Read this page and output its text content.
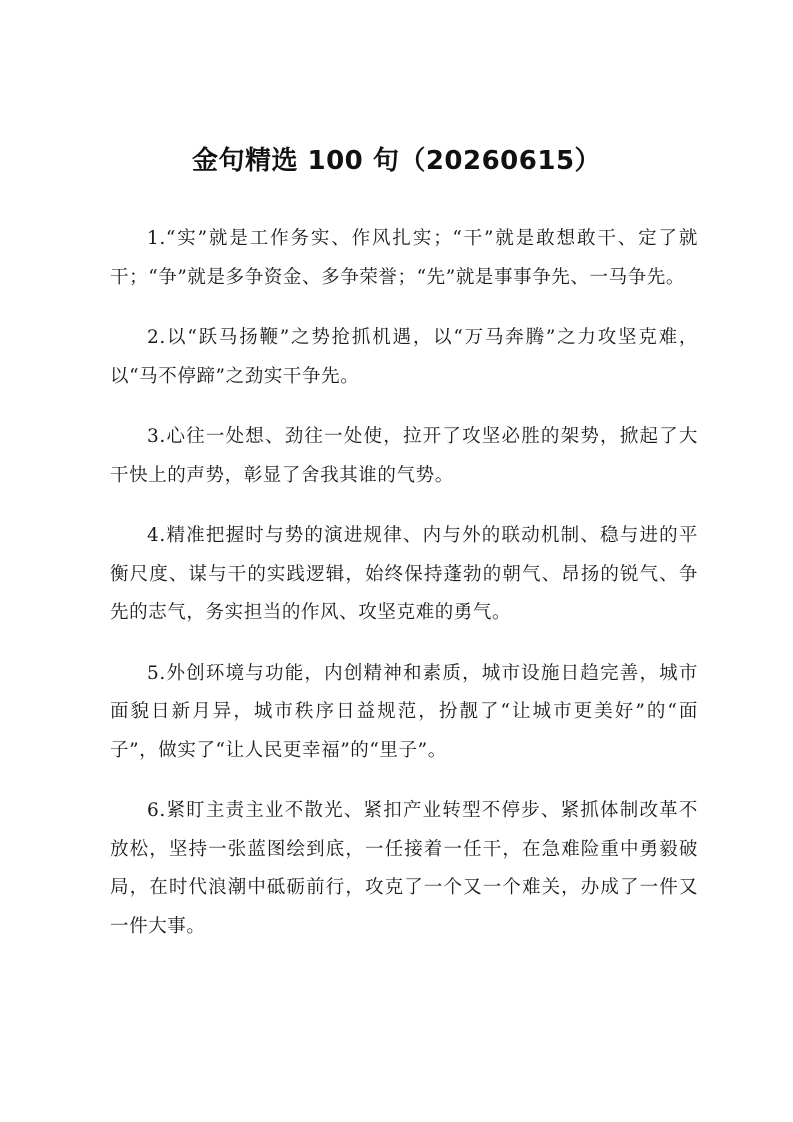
金句精选 100 句（20260615）

1.“实”就是工作务实、作风扎实；“干”就是敢想敢干、定了就干；“争”就是多争资金、多争荣誉；“先”就是事事争先、一马争先。

2.以“跃马扬鞭”之势抢抓机遇，以“万马奔腾”之力攻坚克难，以“马不停蹄”之劲实干争先。

3.心往一处想、劲往一处使，拉开了攻坚必胜的架势，掀起了大干快上的声势，彰显了舍我其谁的气势。

4.精准把握时与势的演进规律、内与外的联动机制、稳与进的平衡尺度、谋与干的实践逻辑，始终保持蓬勃的朝气、昂扬的锐气、争先的志气，务实担当的作风、攻坚克难的勇气。

5.外创环境与功能，内创精神和素质，城市设施日趋完善，城市面貌日新月异，城市秩序日益规范，扮靓了“让城市更美好”的“面子”，做实了“让人民更幸福”的“里子”。

6.紧盯主责主业不散光、紧扣产业转型不停步、紧抓体制改革不放松，坚持一张蓝图绘到底，一任接着一任干，在急难险重中勇毅破局，在时代浪潮中砥砺前行，攻克了一个又一个难关，办成了一件又一件大事。
